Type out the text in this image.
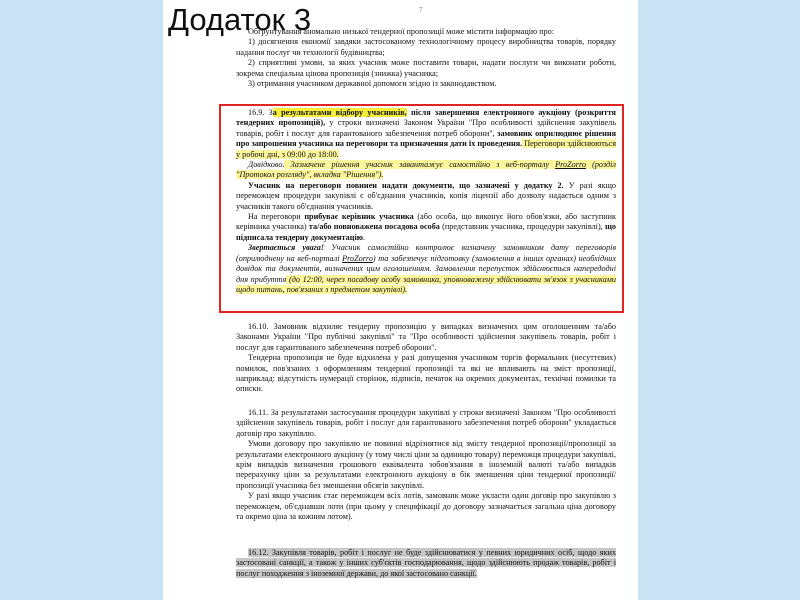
Додаток 3	7

Обгрунтування аномально низької тендерної пропозиції може містити інформацію про:

1) досягнення економії завдяки застосованому технологічному процесу виробництва товарів, порядку надання послуг чи технології будівництва;

2) сприятливі умови, за яких учасник може поставити товари, надати послуги чи виконати роботи, зокрема спеціальна цінова пропозиція (знижка) учасника;

3) отримання учасником державної допомоги згідно із законодавством.

16.9. За результатами відбору учасників, після завершення електронного аукціону (розкриття тендерних пропозицій), у строки визначені Законом України "Про особливості здійснення закупівель товарів, робіт і послуг для гарантованого забезпечення потреб оборони", замовник оприлюднює рішення про запрошення учасника на переговори та призначення дати їх проведення. Переговори здійснюються у робочі дні, з 09:00 до 18:00.

Довідково. Зазначене рішення учасник завантажує самостійно з веб-порталу ProZorro (розділ "Протокол розгляду", вкладка "Рішення").

Учасник на переговори повинен надати документи, що зазначені у додатку 2. У разі якщо переможцем процедури закупівлі є об'єднання учасників, копія ліцензії або дозволу надається одним з учасників такого об'єднання учасників.

На переговори прибуває керівник учасника (або особа, що виконує його обов'язки, або заступник керівника учасника) та/або повноважена посадова особа (представник учасника, процедури закупівлі), що підписала тендерну документацію.

Звертається увага! Учасник самостійно контролює визначену замовником дату переговорів (оприлюднену на веб-порталі ProZorro) та забезпечує підготовку (замовлення в інших органах) необхідних довідок та документів, визначених цим оголошенням. Замовлення перепусток здійснюється напередодні дня прибуття (до 12:00, через посадову особу замовника, уповноважену здійснювати зв'язок з учасниками щодо питань, пов'язаних з предметом закупівлі).

16.10. Замовник відхиляє тендерну пропозицію у випадках визначених цим оголошенням та/або Законами України "Про публічні закупівлі" та "Про особливості здійснення закупівель товарів, робіт і послуг для гарантованого забезпечення потреб оборони".

Тендерна пропозиція не буде відхилена у разі допущення учасником торгів формальних (несуттєвих) помилок, пов'язаних з оформленням тендерної пропозиції та які не впливають на зміст пропозиції, наприклад: відсутність нумерації сторінок, підписів, печаток на окремих документах, технічні помилки та описки.

16.11. За результатами застосування процедури закупівлі у строки визначені Законом "Про особливості здійснення закупівель товарів, робіт і послуг для гарантованого забезпечення потреб оборони" укладається договір про закупівлю.

Умови договору про закупівлю не повинні відрізнятися від змісту тендерної пропозиції/пропозиції за результатами електронного аукціону (у тому числі ціни за одиницю товару) переможця процедури закупівлі, крім випадків визначення грошового еквівалента зобов'язання в іноземній валюті та/або випадків перерахунку ціни за результатами електронного аукціону в бік зменшення ціни тендерної пропозиції/пропозиції учасника без зменшення обсягів закупівлі.

У разі якщо учасник стає переможцем всіх лотів, замовник може укласти один договір про закупівлю з переможцем, об'єднавши лоти (при цьому у специфікації до договору зазначається загальна ціна договору та окремо ціна за кожним лотом).

16.12. Закупівля товарів, робіт і послуг не буде здійснюватися у певних юридичних осіб, щодо яких застосовані санкції, а також у інших суб'єктів господарювання, щодо здійснюють продаж товарів, робіт і послуг походження з іноземної держави, до якої застосовано санкції.
